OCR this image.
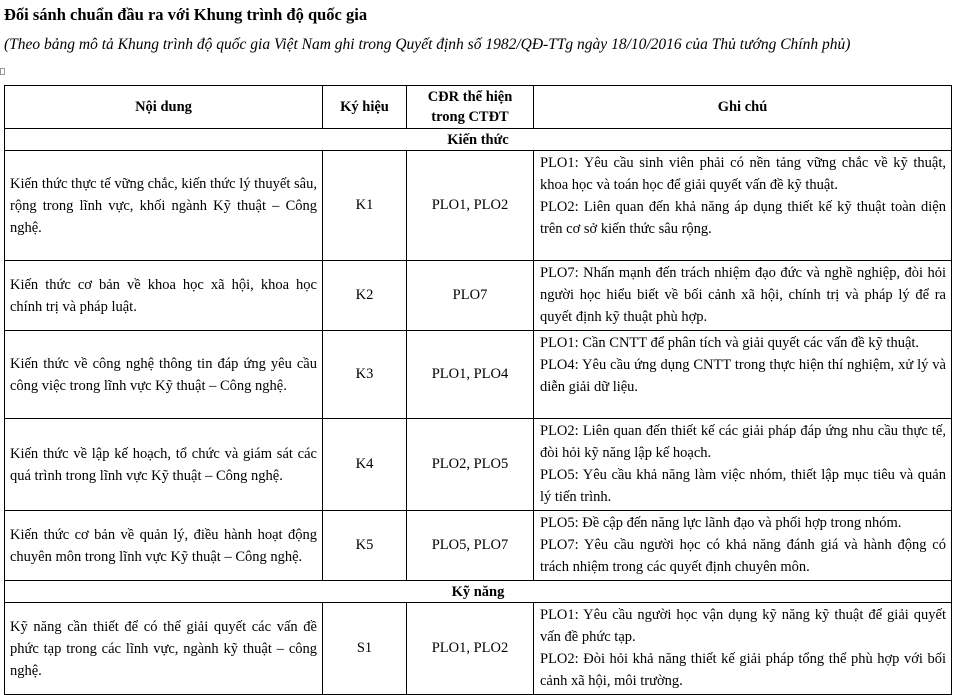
Đối sánh chuẩn đầu ra với Khung trình độ quốc gia
(Theo bảng mô tả Khung trình độ quốc gia Việt Nam ghi trong Quyết định số 1982/QĐ-TTg ngày 18/10/2016 của Thủ tướng Chính phủ)
Nội dung	Ký hiệu	CĐR thể hiện trong CTĐT	Ghi chú
Kiến thức			
Kiến thức thực tế vững chắc, kiến thức lý thuyết sâu, rộng trong lĩnh vực, khối ngành Kỹ thuật – Công nghệ.	K1	PLO1, PLO2	PLO1: Yêu cầu sinh viên phải có nền tảng vững chắc về kỹ thuật, khoa học và toán học để giải quyết vấn đề kỹ thuật.
PLO2: Liên quan đến khả năng áp dụng thiết kế kỹ thuật toàn diện trên cơ sở kiến thức sâu rộng.

Kiến thức cơ bản về khoa học xã hội, khoa học chính trị và pháp luật.	K2	PLO7	PLO7: Nhấn mạnh đến trách nhiệm đạo đức và nghề nghiệp, đòi hỏi người học hiểu biết về bối cảnh xã hội, chính trị và pháp lý để ra quyết định kỹ thuật phù hợp.

Kiến thức về công nghệ thông tin đáp ứng yêu cầu công việc trong lĩnh vực Kỹ thuật – Công nghệ.	K3	PLO1, PLO4	PLO1: Cần CNTT để phân tích và giải quyết các vấn đề kỹ thuật.
PLO4: Yêu cầu ứng dụng CNTT trong thực hiện thí nghiệm, xử lý và diễn giải dữ liệu.

Kiến thức về lập kế hoạch, tổ chức và giám sát các quá trình trong lĩnh vực Kỹ thuật – Công nghệ.	K4	PLO2, PLO5	PLO2: Liên quan đến thiết kế các giải pháp đáp ứng nhu cầu thực tế, đòi hỏi kỹ năng lập kế hoạch.
PLO5: Yêu cầu khả năng làm việc nhóm, thiết lập mục tiêu và quản lý tiến trình.

Kiến thức cơ bản về quản lý, điều hành hoạt động chuyên môn trong lĩnh vực Kỹ thuật – Công nghệ.	K5	PLO5, PLO7	PLO5: Đề cập đến năng lực lãnh đạo và phối hợp trong nhóm.
PLO7: Yêu cầu người học có khả năng đánh giá và hành động có trách nhiệm trong các quyết định chuyên môn.

Kỹ năng			
Kỹ năng cần thiết để có thể giải quyết các vấn đề phức tạp trong các lĩnh vực, ngành kỹ thuật – công nghệ.	S1	PLO1, PLO2	PLO1: Yêu cầu người học vận dụng kỹ năng kỹ thuật để giải quyết vấn đề phức tạp.
PLO2: Đòi hỏi khả năng thiết kế giải pháp tổng thể phù hợp với bối cảnh xã hội, môi trường.
